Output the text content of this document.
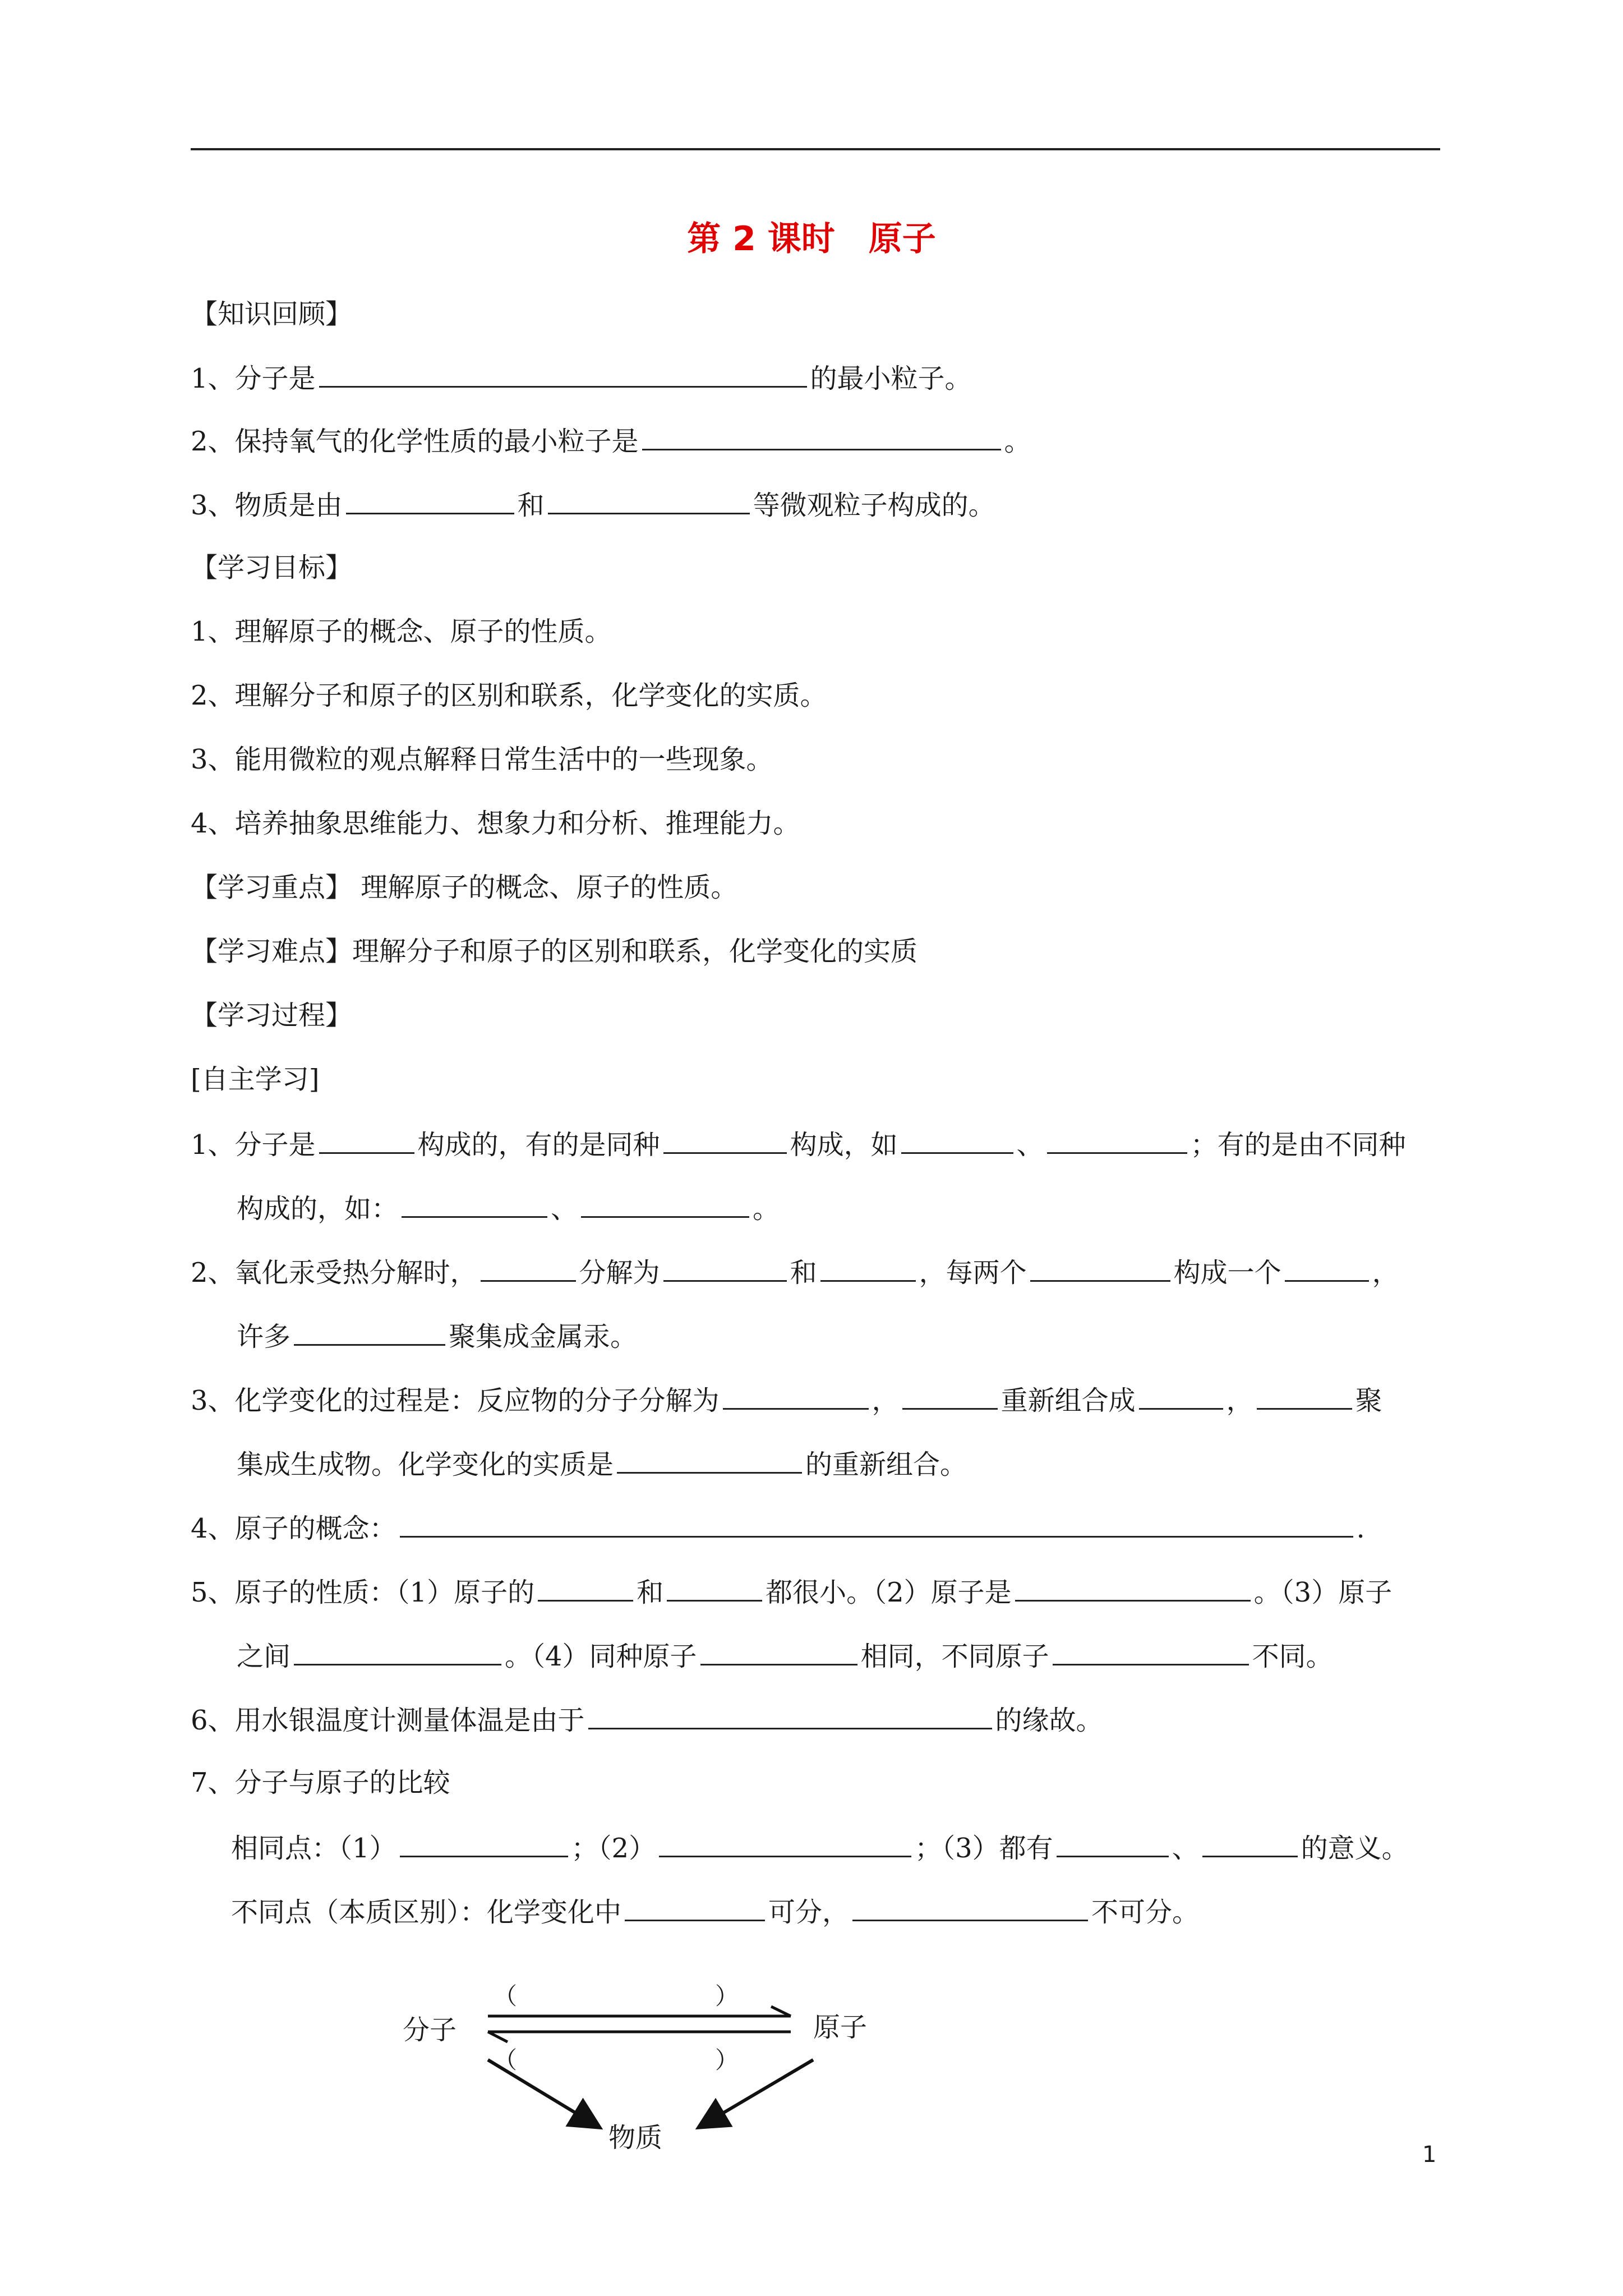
第 2 课时　原子
【知识回顾】
1、分子是	的最小粒子。
2、保持氧气的化学性质的最小粒子是	。
3、物质是由	和	等微观粒子构成的。
【学习目标】
1、理解原子的概念、原子的性质。
2、理解分子和原子的区别和联系，化学变化的实质。
3、能用微粒的观点解释日常生活中的一些现象。
4、培养抽象思维能力、想象力和分析、推理能力。
【学习重点】 理解原子的概念、原子的性质。
【学习难点】理解分子和原子的区别和联系，化学变化的实质
【学习过程】
[自主学习]
1、分子是	构成的，有的是同种	构成，如	、	；有的是由不同种
构成的，如：	、	。
2、氧化汞受热分解时，	分解为	和	，每两个	构成一个	，
许多	聚集成金属汞。
3、化学变化的过程是：反应物的分子分解为	，	重新组合成	，	聚
集成生成物。化学变化的实质是	的重新组合。
4、原子的概念：	.
5、原子的性质：（1）原子的	和	都很小。（2）原子是	。（3）原子
之间	。（4）同种原子	相同，不同原子	不同。
6、用水银温度计测量体温是由于	的缘故。
7、分子与原子的比较
相同点：（1）	；（2）	；（3）都有	、	的意义。
不同点（本质区别）：化学变化中	可分，	不可分。
分子	原子
物质
（	）
（	）
1
